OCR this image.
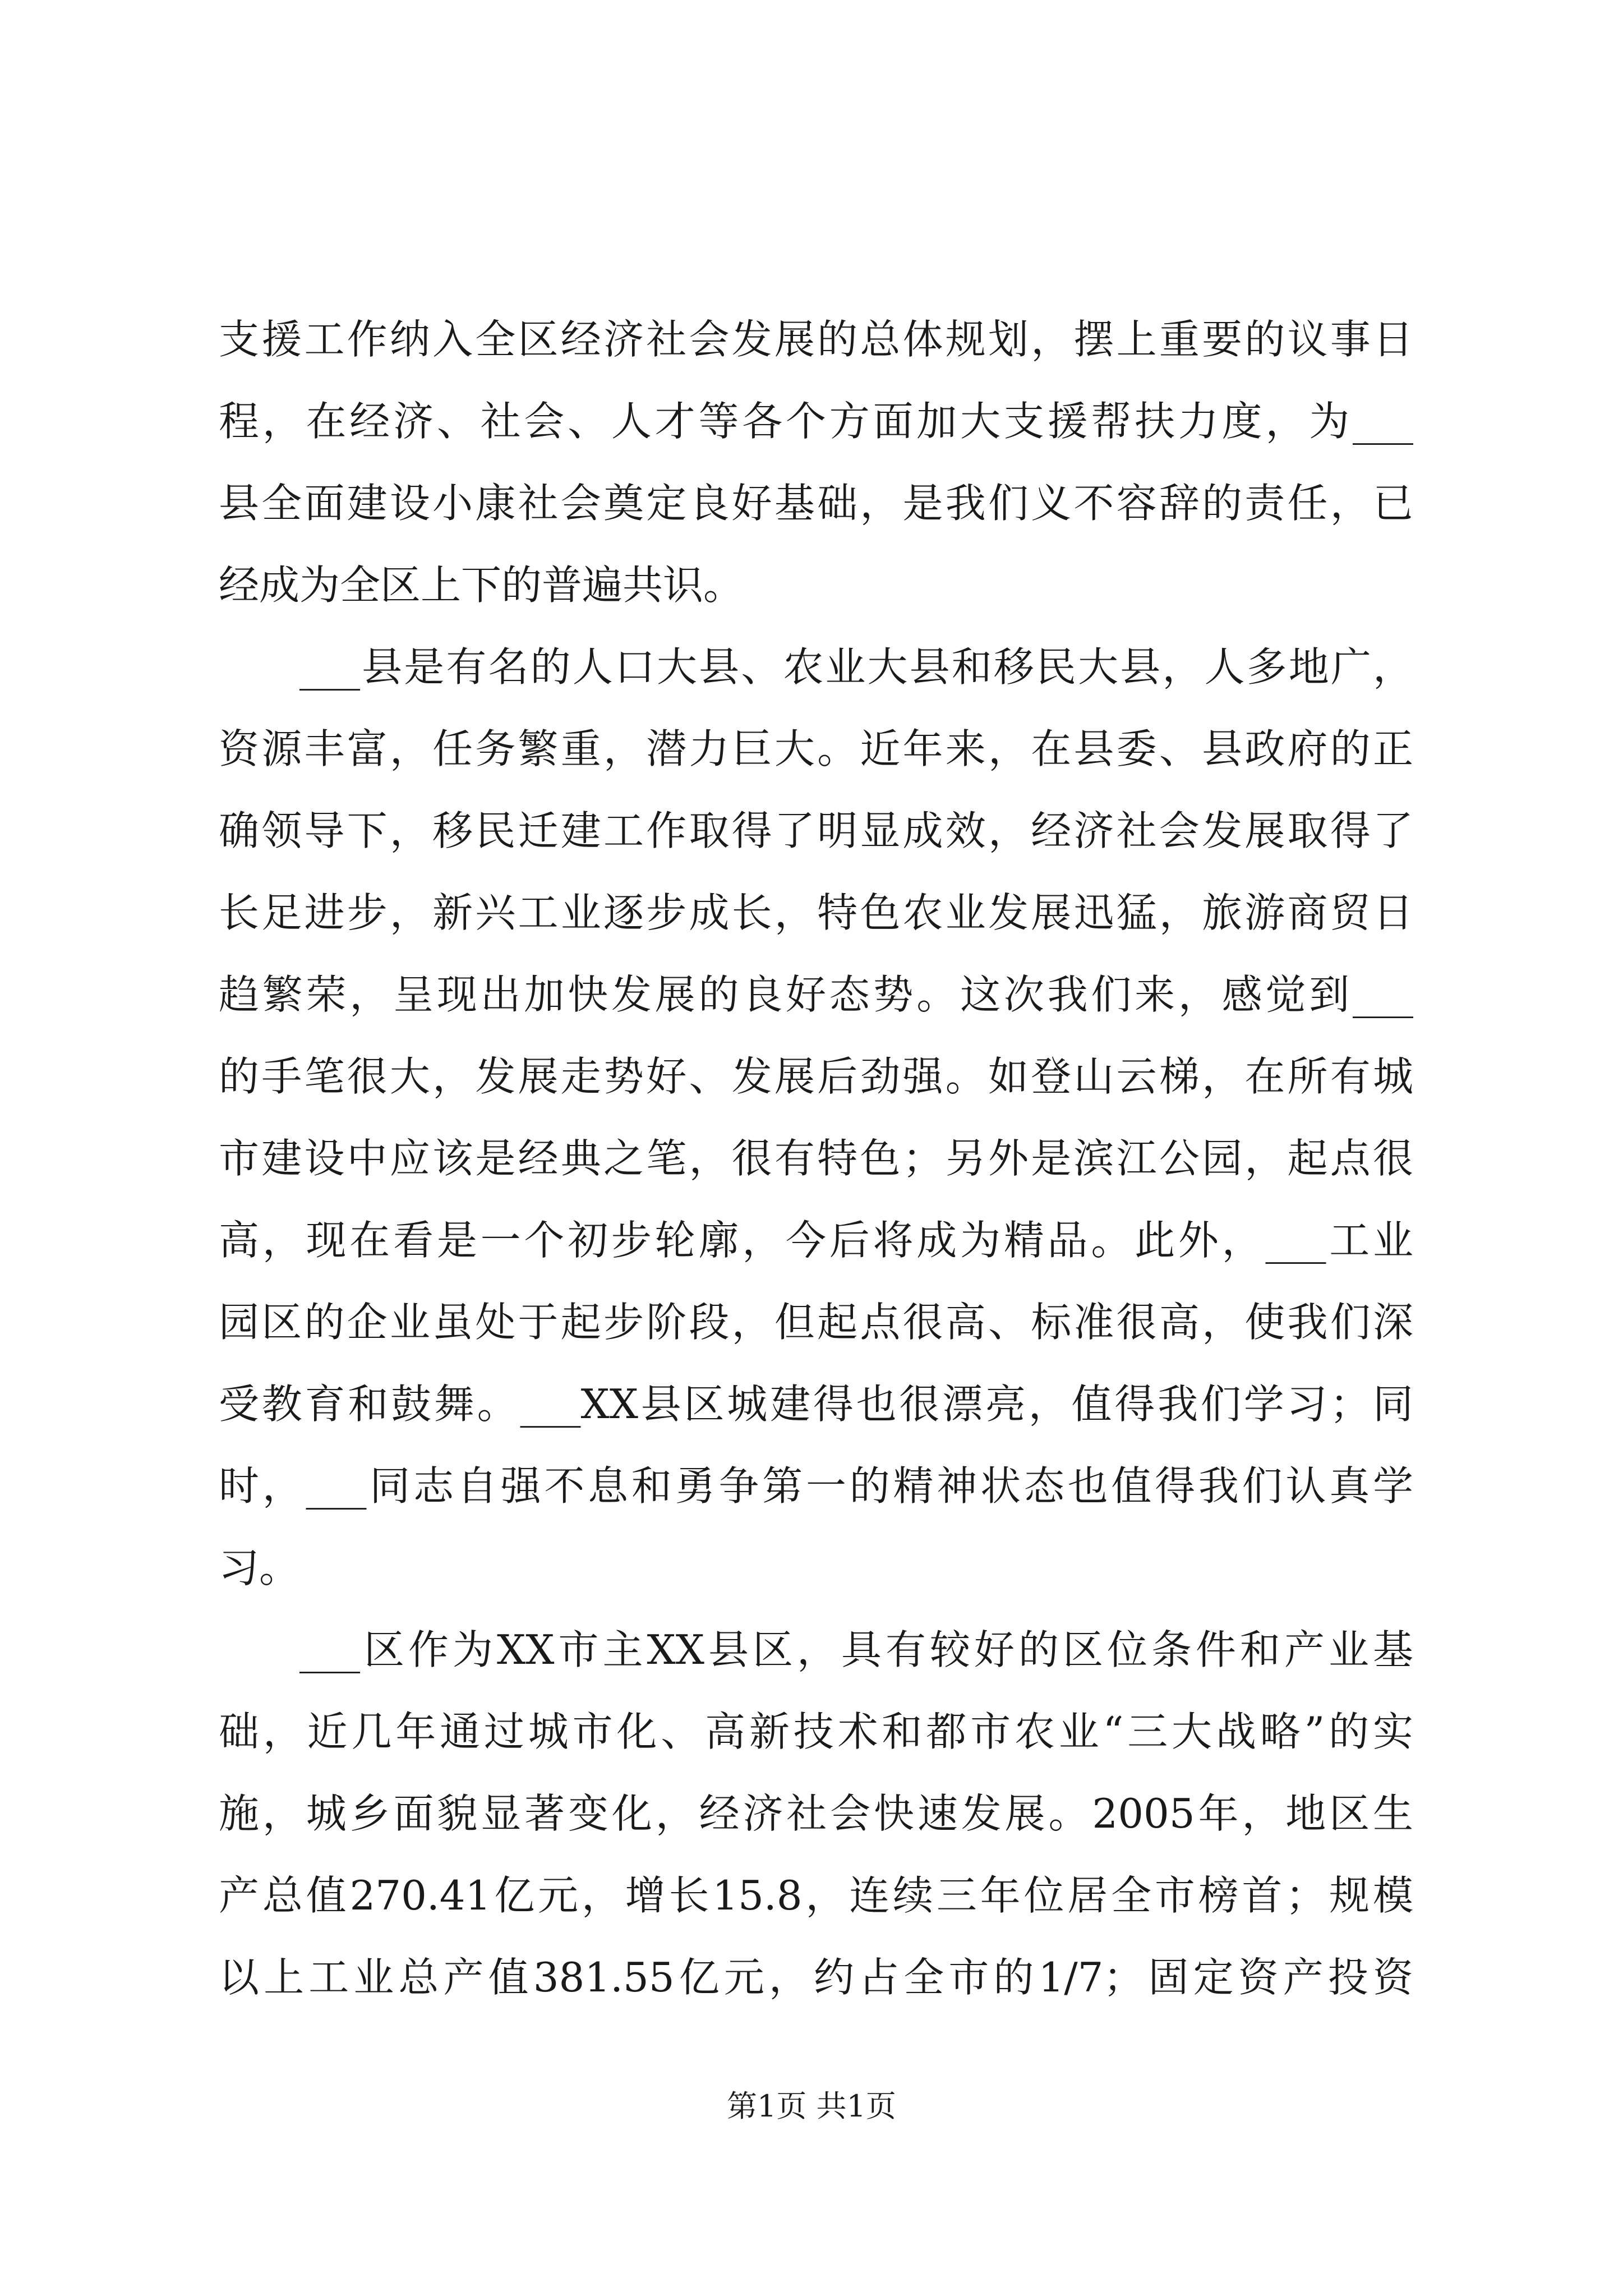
支援工作纳入全区经济社会发展的总体规划，摆上重要的议事日
程，在经济、社会、人才等各个方面加大支援帮扶力度，为___
县全面建设小康社会奠定良好基础，是我们义不容辞的责任，已
经成为全区上下的普遍共识。
___县是有名的人口大县、农业大县和移民大县，人多地广，
资源丰富，任务繁重，潜力巨大。近年来，在县委、县政府的正
确领导下，移民迁建工作取得了明显成效，经济社会发展取得了
长足进步，新兴工业逐步成长，特色农业发展迅猛，旅游商贸日
趋繁荣，呈现出加快发展的良好态势。这次我们来，感觉到___
的手笔很大，发展走势好、发展后劲强。如登山云梯，在所有城
市建设中应该是经典之笔，很有特色；另外是滨江公园，起点很
高，现在看是一个初步轮廓，今后将成为精品。此外，___工业
园区的企业虽处于起步阶段，但起点很高、标准很高，使我们深
受教育和鼓舞。___XX县区城建得也很漂亮，值得我们学习；同
时，___同志自强不息和勇争第一的精神状态也值得我们认真学
习。
___区作为XX市主XX县区，具有较好的区位条件和产业基
础，近几年通过城市化、高新技术和都市农业“三大战略”的实
施，城乡面貌显著变化，经济社会快速发展。2005年，地区生
产总值270.41亿元，增长15.8，连续三年位居全市榜首；规模
以上工业总产值381.55亿元，约占全市的1/7；固定资产投资
第1页 共1页
